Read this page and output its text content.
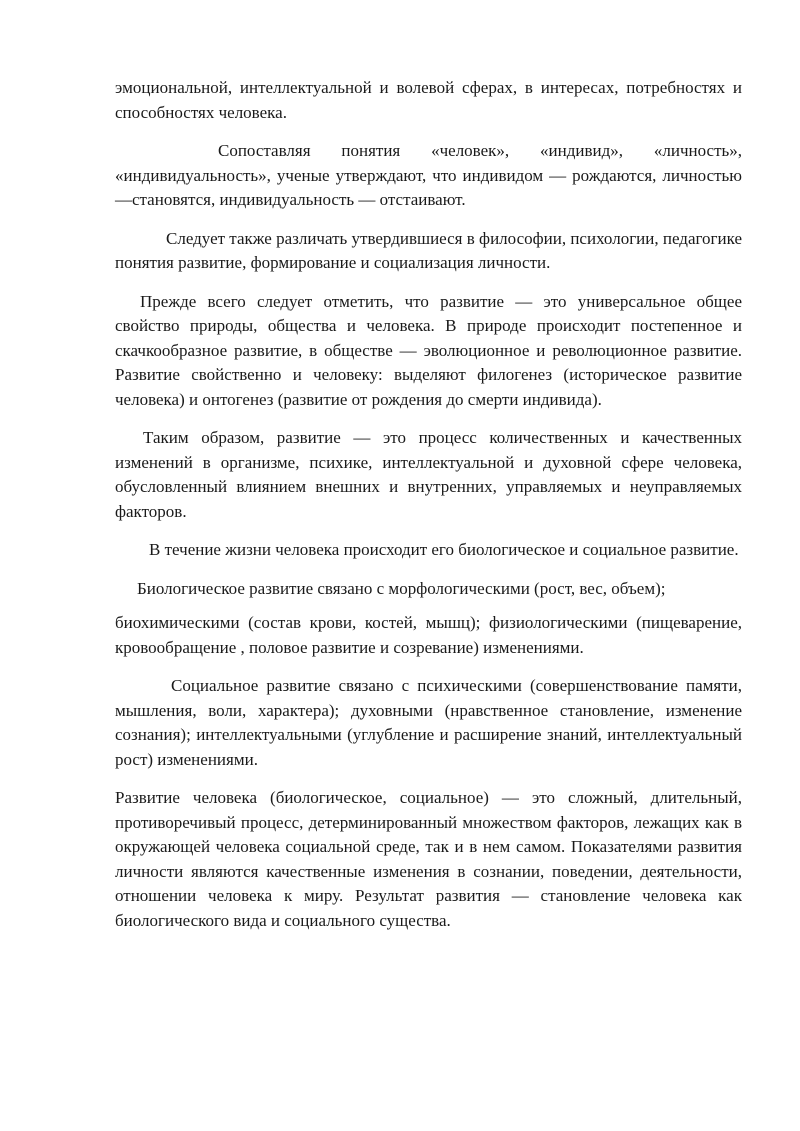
эмоциональной, интеллектуальной и волевой сферах, в интересах, потребностях и способностях человека.

Сопоставляя понятия «человек», «индивид», «личность», «индивидуальность», ученые утверждают, что индивидом — рождаются, личностью —становятся, индивидуальность — отстаивают.

Следует также различать утвердившиеся в философии, психологии, педагогике понятия развитие, формирование и социализация личности.

Прежде всего следует отметить, что развитие — это универсальное общее свойство природы, общества и человека. В природе происходит постепенное и скачкообразное развитие, в обществе — эволюционное и революционное развитие. Развитие свойственно и человеку: выделяют филогенез (историческое развитие человека) и онтогенез (развитие от рождения до смерти индивида).

Таким образом, развитие — это процесс количественных и качественных изменений в организме, психике, интеллектуальной и духовной сфере человека, обусловленный влиянием внешних и внутренних, управляемых и неуправляемых факторов.

В течение жизни человека происходит его биологическое и социальное развитие.

Биологическое развитие связано с морфологическими (рост, вес, объем);

биохимическими (состав крови, костей, мышц); физиологическими (пищеварение, кровообращение , половое развитие и созревание) изменениями.

Социальное развитие связано с психическими (совершенствование памяти, мышления, воли, характера); духовными (нравственное становление, изменение сознания); интеллектуальными (углубление и расширение знаний, интеллектуальный рост) изменениями.

Развитие человека (биологическое, социальное) — это сложный, длительный, противоречивый процесс, детерминированный множеством факторов, лежащих как в окружающей человека социальной среде, так и в нем самом. Показателями развития личности являются качественные изменения в сознании, поведении, деятельности, отношении человека к миру. Результат развития — становление человека как биологического вида и социального существа.
